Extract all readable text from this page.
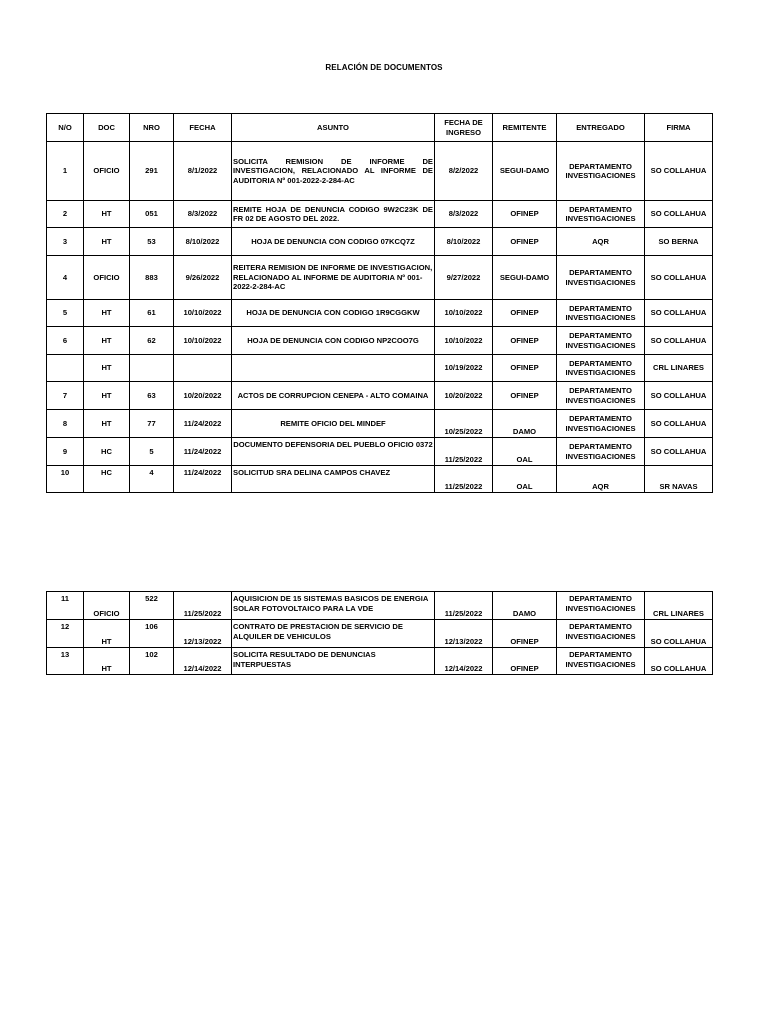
RELACIÓN DE DOCUMENTOS
N/O	DOC	NRO	FECHA	ASUNTO	FECHA DE INGRESO	REMITENTE	ENTREGADO	FIRMA
1	OFICIO	291	8/1/2022	SOLICITA REMISION DE INFORME DE INVESTIGACION, RELACIONADO AL INFORME DE AUDITORIA Nº 001-2022-2-284-AC	8/2/2022	SEGUI-DAMO	DEPARTAMENTO INVESTIGACIONES	SO COLLAHUA
2	HT	051	8/3/2022	REMITE HOJA DE DENUNCIA CODIGO 9W2C23K DE FR 02 DE AGOSTO DEL 2022.	8/3/2022	OFINEP	DEPARTAMENTO INVESTIGACIONES	SO COLLAHUA
3	HT	53	8/10/2022	HOJA DE DENUNCIA CON CODIGO 07KCQ7Z	8/10/2022	OFINEP	AQR	SO BERNA
4	OFICIO	883	9/26/2022	REITERA REMISION DE INFORME DE INVESTIGACION, RELACIONADO AL INFORME DE AUDITORIA Nº 001-2022-2-284-AC	9/27/2022	SEGUI-DAMO	DEPARTAMENTO INVESTIGACIONES	SO COLLAHUA
5	HT	61	10/10/2022	HOJA DE DENUNCIA CON CODIGO 1R9CGGKW	10/10/2022	OFINEP	DEPARTAMENTO INVESTIGACIONES	SO COLLAHUA
6	HT	62	10/10/2022	HOJA DE DENUNCIA CON CODIGO NP2COO7G	10/10/2022	OFINEP	DEPARTAMENTO INVESTIGACIONES	SO COLLAHUA
	HT				10/19/2022	OFINEP	DEPARTAMENTO INVESTIGACIONES	CRL LINARES
7	HT	63	10/20/2022	ACTOS DE CORRUPCION CENEPA - ALTO COMAINA	10/20/2022	OFINEP	DEPARTAMENTO INVESTIGACIONES	SO COLLAHUA
8	HT	77	11/24/2022	REMITE OFICIO DEL MINDEF	10/25/2022	DAMO	DEPARTAMENTO INVESTIGACIONES	SO COLLAHUA
9	HC	5	11/24/2022	DOCUMENTO DEFENSORIA DEL PUEBLO OFICIO 0372	11/25/2022	OAL	DEPARTAMENTO INVESTIGACIONES	SO COLLAHUA
10	HC	4	11/24/2022	SOLICITUD SRA DELINA CAMPOS CHAVEZ	11/25/2022	OAL	AQR	SR NAVAS
11	OFICIO	522	11/25/2022	AQUISICION DE 15 SISTEMAS BASICOS DE ENERGIA SOLAR FOTOVOLTAICO PARA LA VDE	11/25/2022	DAMO	DEPARTAMENTO INVESTIGACIONES	CRL LINARES
12	HT	106	12/13/2022	CONTRATO DE PRESTACION DE SERVICIO DE ALQUILER DE VEHICULOS	12/13/2022	OFINEP	DEPARTAMENTO INVESTIGACIONES	SO COLLAHUA
13	HT	102	12/14/2022	SOLICITA RESULTADO DE DENUNCIAS INTERPUESTAS	12/14/2022	OFINEP	DEPARTAMENTO INVESTIGACIONES	SO COLLAHUA
